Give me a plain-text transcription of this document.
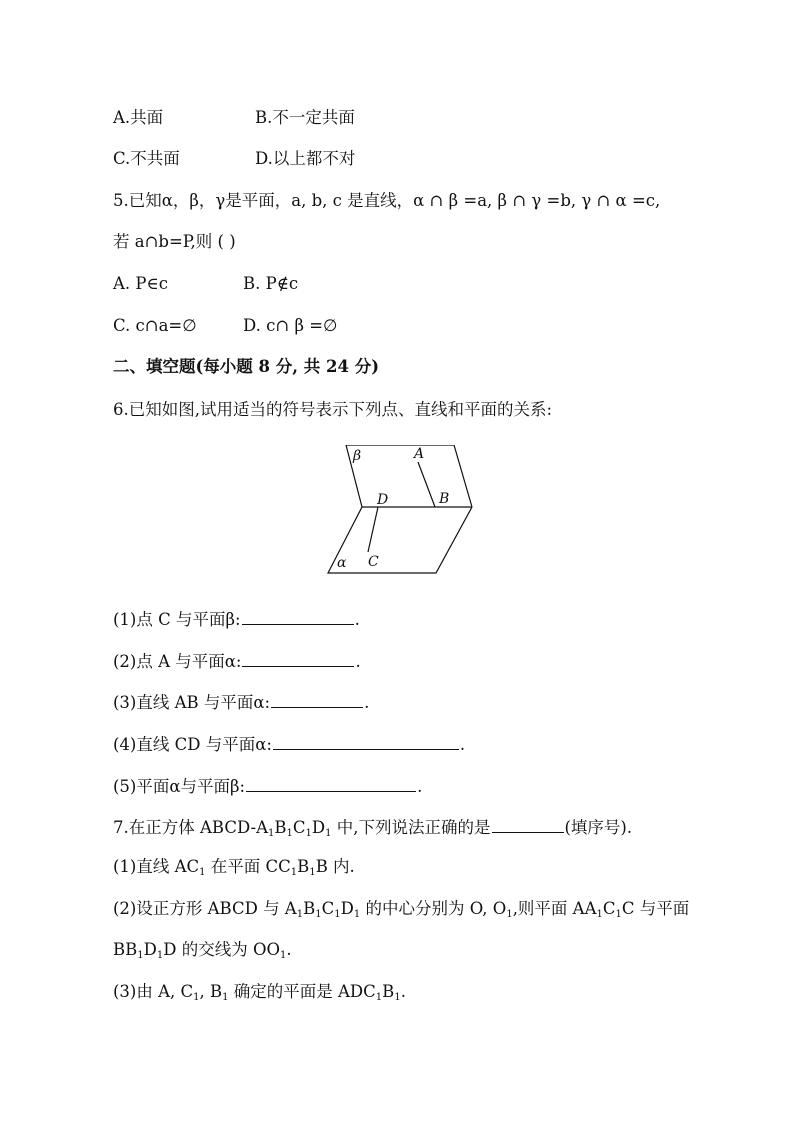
A.共面	B.不一定共面
C.不共面	D.以上都不对
5.已知α，β，γ是平面，a, b, c 是直线，α ∩ β =a, β ∩ γ =b, γ ∩ α =c,
若 a∩b=P,则 ( )
A. P∈c	B. P∉c
C. c∩a=∅	D. c∩ β =∅
二、填空题(每小题 8 分, 共 24 分)
6.已知如图,试用适当的符号表示下列点、直线和平面的关系:
β	A
B
D
C
α
(1)点 C 与平面β:	.
(2)点 A 与平面α:	.
(3)直线 AB 与平面α:	.
(4)直线 CD 与平面α:	.
(5)平面α与平面β:	.
7.在正方体 ABCD-$A_1B_1C_1D_1$ 中,下列说法正确的是	(填序号).
(1)直线 $AC_1$ 在平面 $CC_1B_1B$ 内.
(2)设正方形 ABCD 与 $A_1B_1C_1D_1$ 的中心分别为 O, $O_1$,则平面 $AA_1C_1C$ 与平面
$BB_1D_1D$ 的交线为 $OO_1$.
(3)由 A, $C_1$, $B_1$ 确定的平面是 $ADC_1B_1$.
